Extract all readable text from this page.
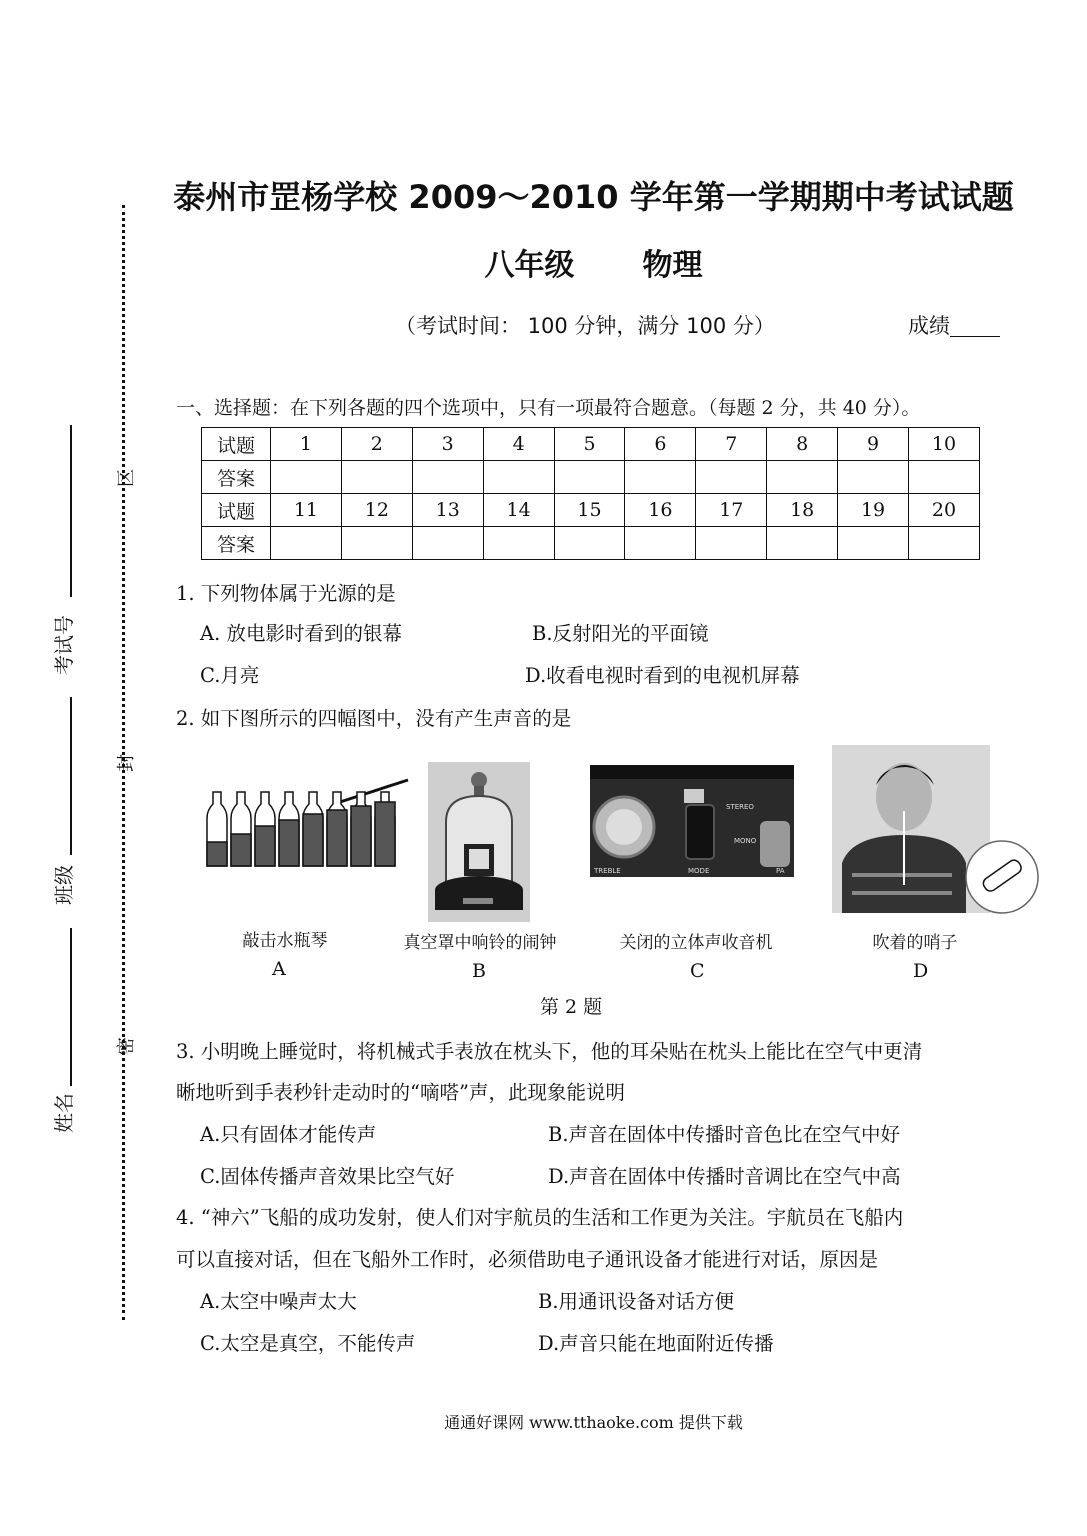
考试号
班级
姓名
区
封
密
泰州市罡杨学校 2009～2010 学年第一学期期中考试试题
八年级 物理
（考试时间： 100 分钟，满分 100 分）	成绩
一、选择题：在下列各题的四个选项中，只有一项最符合题意。（每题 2 分，共 40 分）。
试题	1	2	3	4	5	6	7	8	9	10
答案										
试题	11	12	13	14	15	16	17	18	19	20
答案										
1. 下列物体属于光源的是
A. 放电影时看到的银幕	B.反射阳光的平面镜
C.月亮	D.收看电视时看到的电视机屏幕
2. 如下图所示的四幅图中，没有产生声音的是
STEREO
MONO
TREBLE	MODE	PA
敲击水瓶琴	真空罩中响铃的闹钟	关闭的立体声收音机	吹着的哨子
A	B	C	D
第 2 题
3. 小明晚上睡觉时，将机械式手表放在枕头下，他的耳朵贴在枕头上能比在空气中更清
晰地听到手表秒针走动时的“嘀嗒”声，此现象能说明
A.只有固体才能传声	B.声音在固体中传播时音色比在空气中好
C.固体传播声音效果比空气好	D.声音在固体中传播时音调比在空气中高
4. “神六”飞船的成功发射，使人们对宇航员的生活和工作更为关注。宇航员在飞船内
可以直接对话，但在飞船外工作时，必须借助电子通讯设备才能进行对话，原因是
A.太空中噪声太大	B.用通讯设备对话方便
C.太空是真空，不能传声	D.声音只能在地面附近传播
通通好课网 www.tthaoke.com 提供下载
